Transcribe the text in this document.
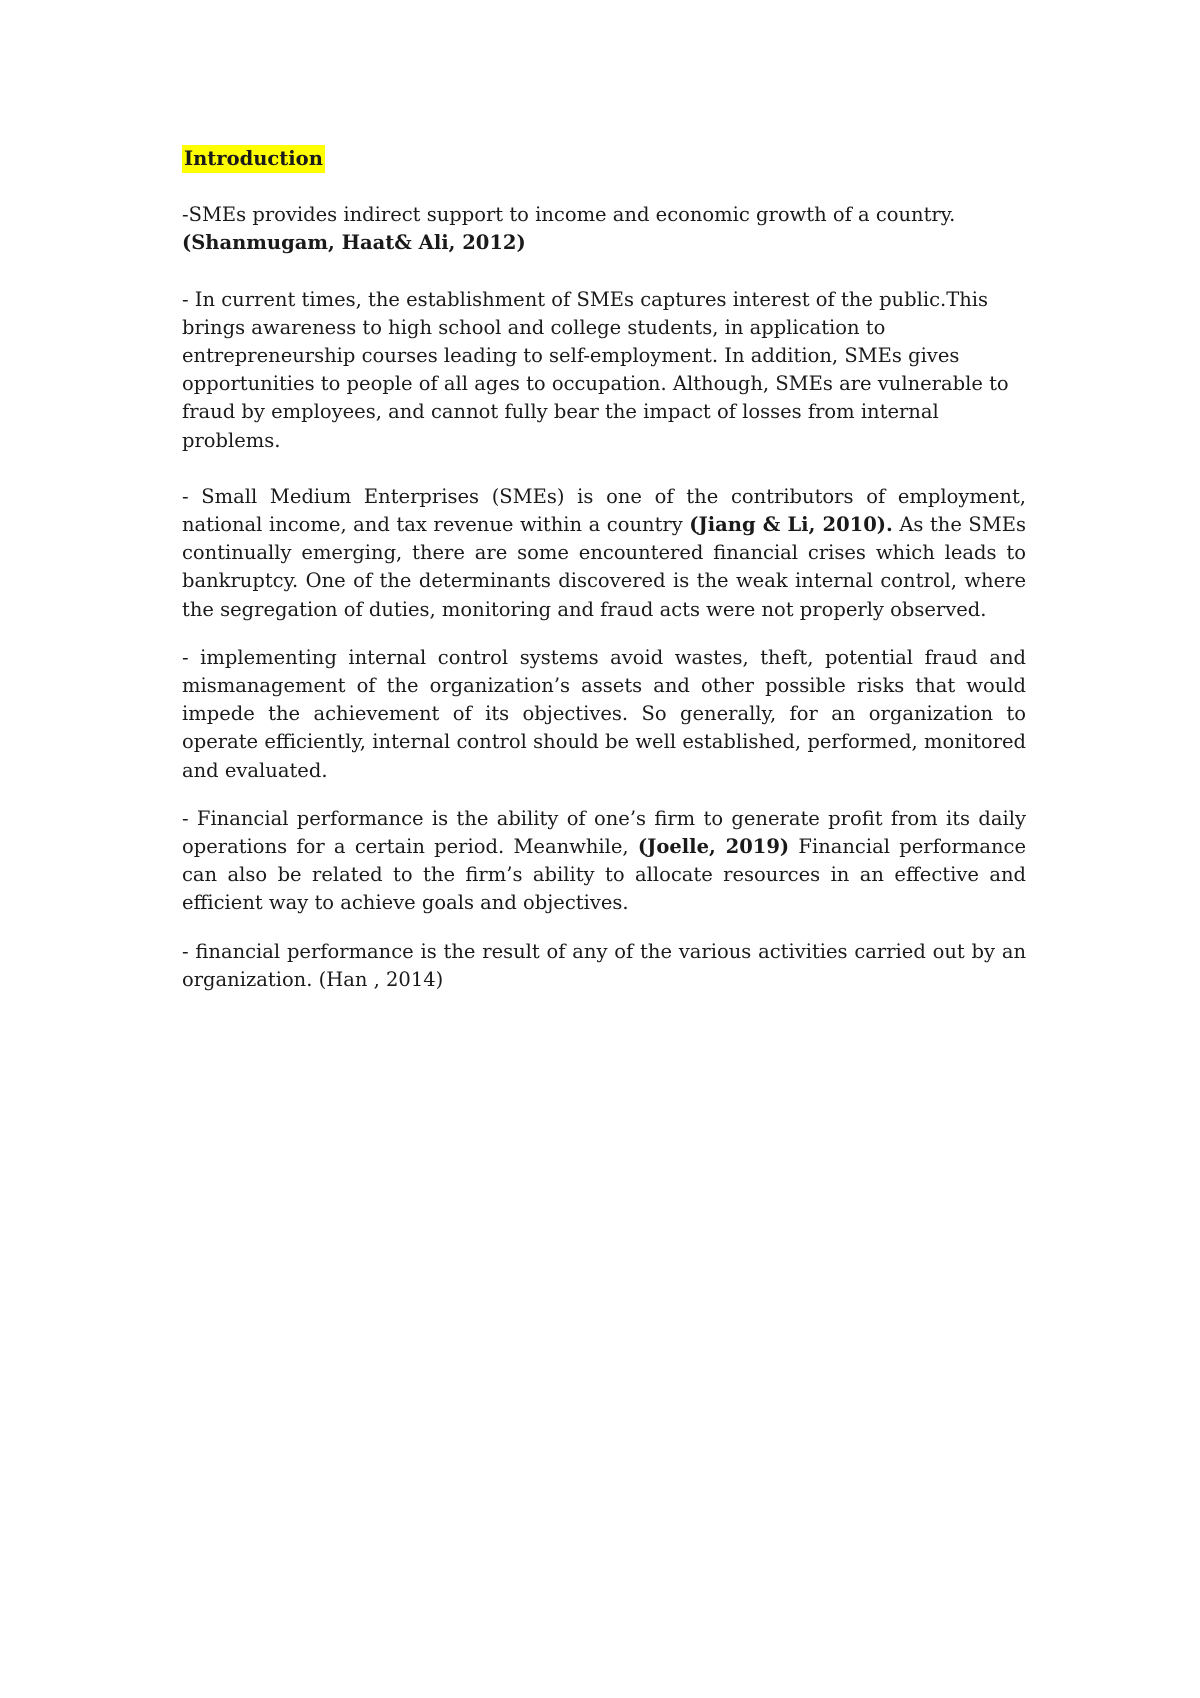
Introduction

-SMEs provides indirect support to income and economic growth of a country.
(Shanmugam, Haat& Ali, 2012)

- In current times, the establishment of SMEs captures interest of the public.This brings awareness to high school and college students, in application to entrepreneurship courses leading to self-employment. In addition, SMEs gives opportunities to people of all ages to occupation. Although, SMEs are vulnerable to fraud by employees, and cannot fully bear the impact of losses from internal problems.

- Small Medium Enterprises (SMEs) is one of the contributors of employment, national income, and tax revenue within a country (Jiang & Li, 2010). As the SMEs continually emerging, there are some encountered financial crises which leads to bankruptcy. One of the determinants discovered is the weak internal control, where the segregation of duties, monitoring and fraud acts were not properly observed.

- implementing internal control systems avoid wastes, theft, potential fraud and mismanagement of the organization’s assets and other possible risks that would impede the achievement of its objectives. So generally, for an organization to operate efficiently, internal control should be well established, performed, monitored and evaluated.

- Financial performance is the ability of one’s firm to generate profit from its daily operations for a certain period. Meanwhile, (Joelle, 2019) Financial performance can also be related to the firm’s ability to allocate resources in an effective and efficient way to achieve goals and objectives.

- financial performance is the result of any of the various activities carried out by an organization. (Han , 2014)
